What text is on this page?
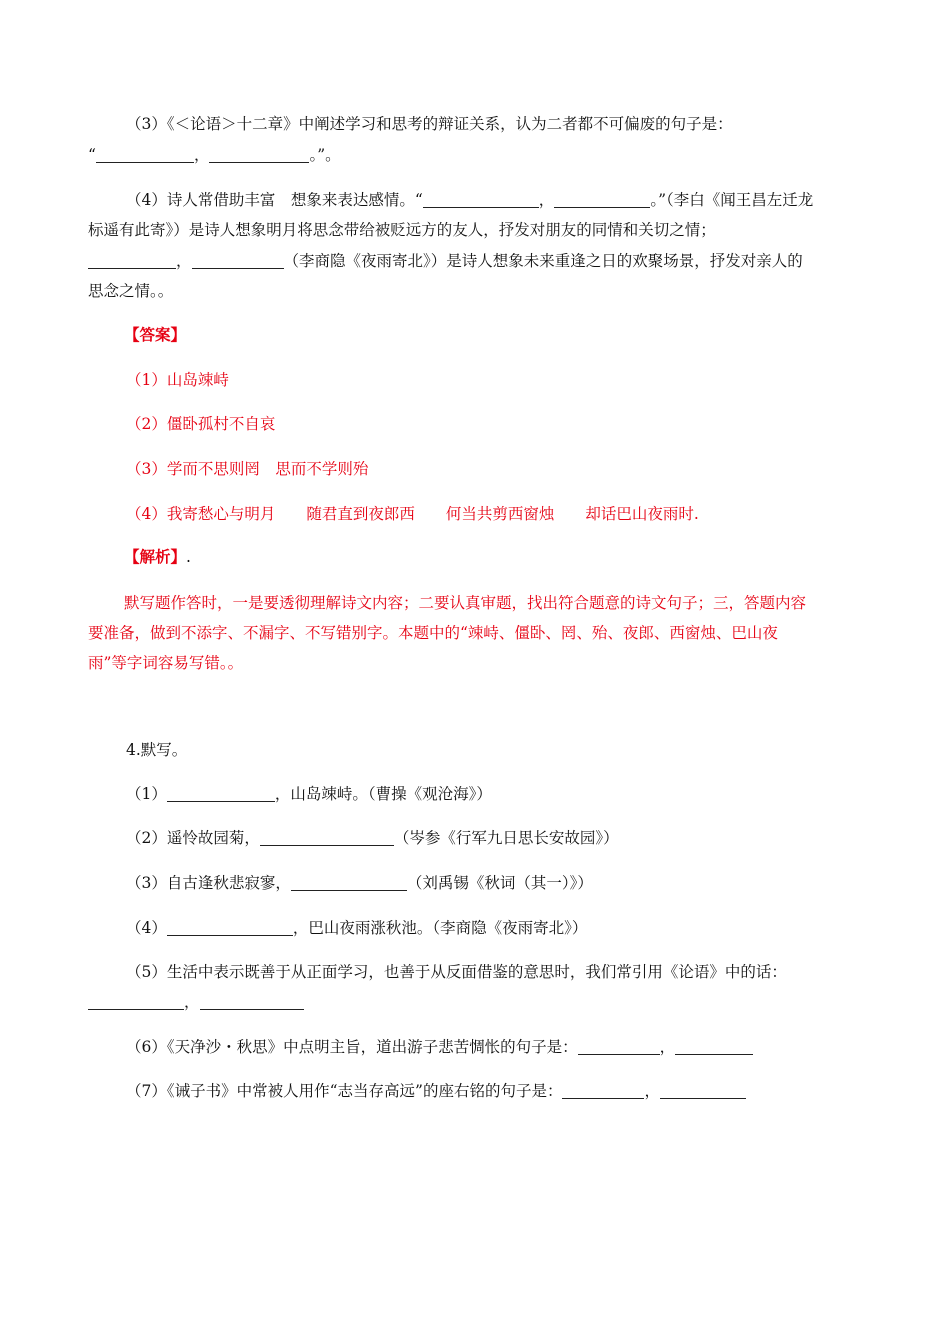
（3）《＜论语＞十二章》中阐述学习和思考的辩证关系，认为二者都不可偏废的句子是：
“	，	。”。
（4）诗人常借助丰富　想象来表达感情。“	，	。”（李白《闻王昌左迁龙
标遥有此寄》）是诗人想象明月将思念带给被贬远方的友人，抒发对朋友的同情和关切之情；
，	（李商隐《夜雨寄北》）是诗人想象未来重逢之日的欢聚场景，抒发对亲人的
思念之情。。
【答案】
（1）山岛竦峙
（2）僵卧孤村不自哀
（3）学而不思则罔　思而不学则殆
（4）我寄愁心与明月　　随君直到夜郎西　　何当共剪西窗烛　　却话巴山夜雨时.
【解析】.
默写题作答时，一是要透彻理解诗文内容；二要认真审题，找出符合题意的诗文句子；三，答题内容
要准备，做到不添字、不漏字、不写错别字。本题中的“竦峙、僵卧、罔、殆、夜郎、西窗烛、巴山夜
雨”等字词容易写错。。
4.默写。
（1）	，山岛竦峙。（曹操《观沧海》）
（2）遥怜故园菊，	（岑参《行军九日思长安故园》）
（3）自古逢秋悲寂寥，	（刘禹锡《秋词（其一）》）
（4）	，巴山夜雨涨秋池。（李商隐《夜雨寄北》）
（5）生活中表示既善于从正面学习，也善于从反面借鉴的意思时，我们常引用《论语》中的话：
，
（6）《天净沙・秋思》中点明主旨，道出游子悲苦惆怅的句子是：	，
（7）《诫子书》中常被人用作“志当存高远”的座右铭的句子是：	，
